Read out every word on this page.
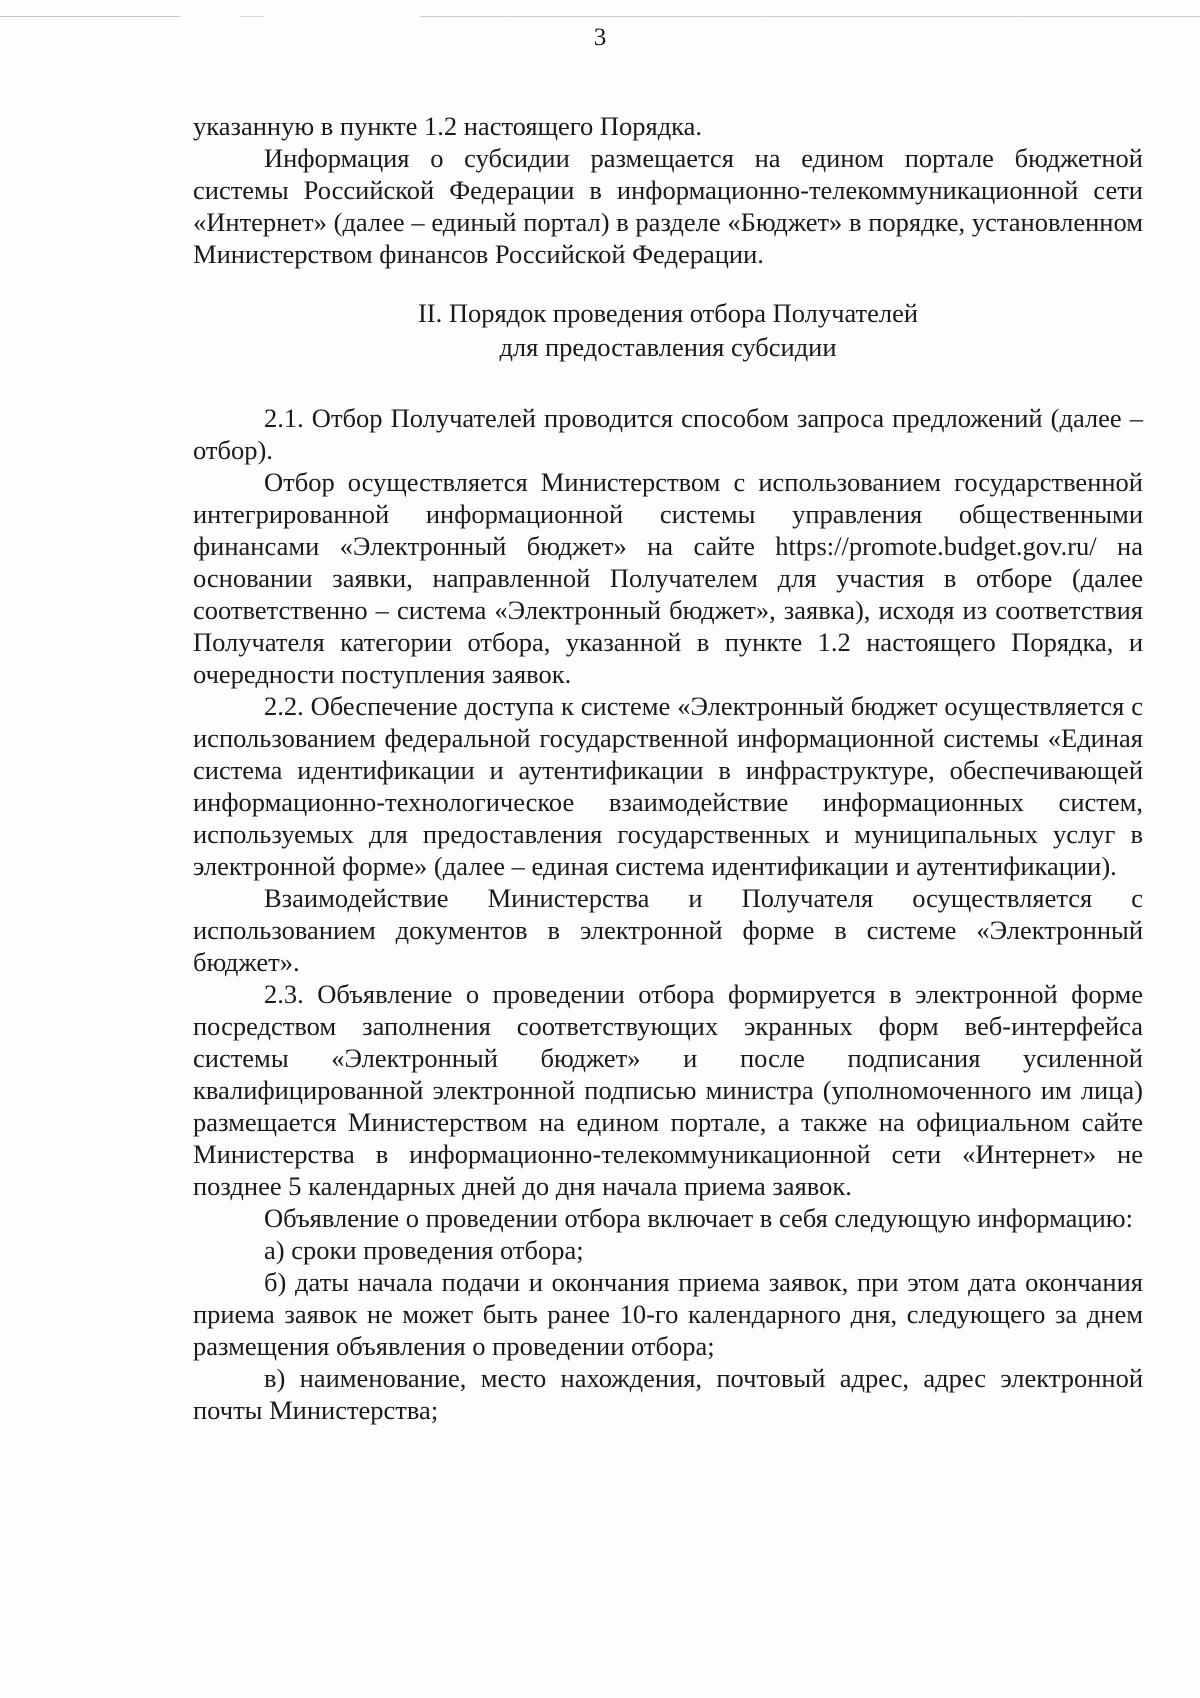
3

указанную в пункте 1.2 настоящего Порядка.

Информация о субсидии размещается на едином портале бюджетной системы Российской Федерации в информационно-телекоммуникационной сети «Интернет» (далее – единый портал) в разделе «Бюджет» в порядке, установленном Министерством финансов Российской Федерации.

II. Порядок проведения отбора Получателей
для предоставления субсидии

2.1. Отбор Получателей проводится способом запроса предложений (далее – отбор).

Отбор осуществляется Министерством с использованием государственной интегрированной информационной системы управления общественными финансами «Электронный бюджет» на сайте https://promote.budget.gov.ru/ на основании заявки, направленной Получателем для участия в отборе (далее соответственно – система «Электронный бюджет», заявка), исходя из соответствия Получателя категории отбора, указанной в пункте 1.2 настоящего Порядка, и очередности поступления заявок.

2.2. Обеспечение доступа к системе «Электронный бюджет осуществляется с использованием федеральной государственной информационной системы «Единая система идентификации и аутентификации в инфраструктуре, обеспечивающей информационно-технологическое взаимодействие информационных систем, используемых для предоставления государственных и муниципальных услуг в электронной форме» (далее – единая система идентификации и аутентификации).

Взаимодействие Министерства и Получателя осуществляется с использованием документов в электронной форме в системе «Электронный бюджет».

2.3. Объявление о проведении отбора формируется в электронной форме посредством заполнения соответствующих экранных форм веб-интерфейса системы «Электронный бюджет» и после подписания усиленной квалифицированной электронной подписью министра (уполномоченного им лица) размещается Министерством на едином портале, а также на официальном сайте Министерства в информационно-телекоммуникационной сети «Интернет» не позднее 5 календарных дней до дня начала приема заявок.

Объявление о проведении отбора включает в себя следующую информацию:

а) сроки проведения отбора;

б) даты начала подачи и окончания приема заявок, при этом дата окончания приема заявок не может быть ранее 10-го календарного дня, следующего за днем размещения объявления о проведении отбора;

в) наименование, место нахождения, почтовый адрес, адрес электронной почты Министерства;
